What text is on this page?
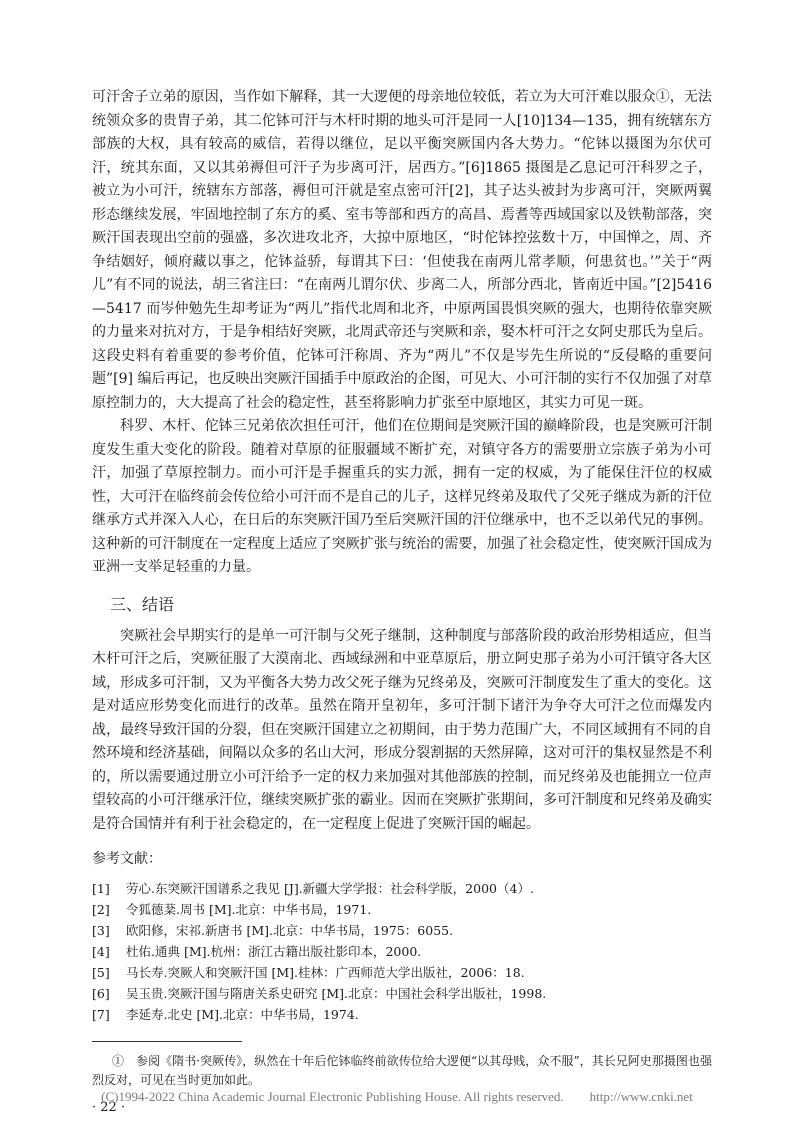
可汗舍子立弟的原因，当作如下解释，其一大逻便的母亲地位较低，若立为大可汗难以服众①，无法统领众多的贵胄子弟，其二佗钵可汗与木杆时期的地头可汗是同一人[10]134—135，拥有统辖东方部族的大权，具有较高的威信，若得以继位，足以平衡突厥国内各大势力。“佗钵以摄图为尔伏可汗，统其东面，又以其弟褥但可汗子为步离可汗，居西方。”[6]1865 摄图是乙息记可汗科罗之子，被立为小可汗，统辖东方部落，褥但可汗就是室点密可汗[2]，其子达头被封为步离可汗，突厥两翼形态继续发展，牢固地控制了东方的奚、室韦等部和西方的高昌、焉耆等西域国家以及铁勒部落，突厥汗国表现出空前的强盛，多次进攻北齐，大掠中原地区，“时佗钵控弦数十万，中国惮之，周、齐争结姻好，倾府藏以事之，佗钵益骄，每谓其下曰：‘但使我在南两儿常孝顺，何患贫也。’”关于“两儿”有不同的说法，胡三省注曰：“在南两儿谓尔伏、步离二人，所部分西北，皆南近中国。”[2]5416—5417 而岑仲勉先生却考证为“两儿”指代北周和北齐，中原两国畏惧突厥的强大，也期待依靠突厥的力量来对抗对方，于是争相结好突厥，北周武帝还与突厥和亲，娶木杆可汗之女阿史那氏为皇后。这段史料有着重要的参考价值，佗钵可汗称周、齐为“两儿”不仅是岑先生所说的“反侵略的重要问题”[9] 编后再记，也反映出突厥汗国插手中原政治的企图，可见大、小可汗制的实行不仅加强了对草原控制力的，大大提高了社会的稳定性，甚至将影响力扩张至中原地区，其实力可见一斑。

科罗、木杆、佗钵三兄弟依次担任可汗，他们在位期间是突厥汗国的巅峰阶段，也是突厥可汗制度发生重大变化的阶段。随着对草原的征服疆域不断扩充，对镇守各方的需要册立宗族子弟为小可汗，加强了草原控制力。而小可汗是手握重兵的实力派，拥有一定的权威，为了能保住汗位的权威性，大可汗在临终前会传位给小可汗而不是自己的儿子，这样兄终弟及取代了父死子继成为新的汗位继承方式并深入人心，在日后的东突厥汗国乃至后突厥汗国的汗位继承中，也不乏以弟代兄的事例。这种新的可汗制度在一定程度上适应了突厥扩张与统治的需要，加强了社会稳定性，使突厥汗国成为亚洲一支举足轻重的力量。

三、结语

突厥社会早期实行的是单一可汗制与父死子继制，这种制度与部落阶段的政治形势相适应，但当木杆可汗之后，突厥征服了大漠南北、西域绿洲和中亚草原后，册立阿史那子弟为小可汗镇守各大区域，形成多可汗制，又为平衡各大势力改父死子继为兄终弟及，突厥可汗制度发生了重大的变化。这是对适应形势变化而进行的改革。虽然在隋开皇初年，多可汗制下诸汗为争夺大可汗之位而爆发内战，最终导致汗国的分裂，但在突厥汗国建立之初期间，由于势力范围广大，不同区域拥有不同的自然环境和经济基础，间隔以众多的名山大河，形成分裂割据的天然屏障，这对可汗的集权显然是不利的，所以需要通过册立小可汗给予一定的权力来加强对其他部族的控制，而兄终弟及也能拥立一位声望较高的小可汗继承汗位，继续突厥扩张的霸业。因而在突厥扩张期间，多可汗制度和兄终弟及确实是符合国情并有利于社会稳定的，在一定程度上促进了突厥汗国的崛起。

参考文献：
[1]	劳心.东突厥汗国谱系之我见 [J].新疆大学学报：社会科学版，2000（4）.
[2]	令狐德棻.周书 [M].北京：中华书局，1971.
[3]	欧阳修，宋祁.新唐书 [M].北京：中华书局，1975：6055.
[4]	杜佑.通典 [M].杭州：浙江古籍出版社影印本，2000.
[5]	马长寿.突厥人和突厥汗国 [M].桂林：广西师范大学出版社，2006：18.
[6]	吴玉贵.突厥汗国与隋唐关系史研究 [M].北京：中国社会科学出版社，1998.
[7]	李延寿.北史 [M].北京：中华书局，1974.
①　参阅《隋书·突厥传》，纵然在十年后佗钵临终前欲传位给大逻便“以其母贱，众不服”，其长兄阿史那摄图也强烈反对，可见在当时更加如此。
· 22 ·
(C)1994-2022 China Academic Journal Electronic Publishing House. All rights reserved.　　http://www.cnki.net
